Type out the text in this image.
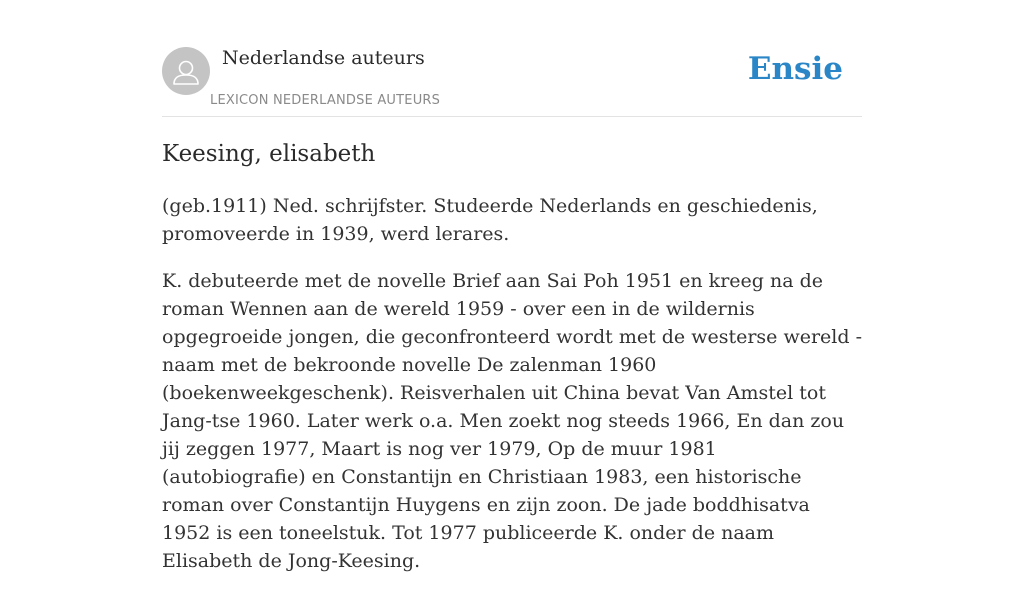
Nederlandse auteurs
LEXICON NEDERLANDSE AUTEURS
Ensie
Keesing, elisabeth

(geb.1911) Ned. schrijfster. Studeerde Nederlands en geschiedenis, promoveerde in 1939, werd lerares.

K. debuteerde met de novelle Brief aan Sai Poh 1951 en kreeg na de roman Wennen aan de wereld 1959 - over een in de wildernis opgegroeide jongen, die geconfronteerd wordt met de westerse wereld - naam met de bekroonde novelle De zalenman 1960 (boekenweekgeschenk). Reisverhalen uit China bevat Van Amstel tot Jang-tse 1960. Later werk o.a. Men zoekt nog steeds 1966, En dan zou jij zeggen 1977, Maart is nog ver 1979, Op de muur 1981 (autobiografie) en Constantijn en Christiaan 1983, een historische roman over Constantijn Huygens en zijn zoon. De jade boddhisatva 1952 is een toneelstuk. Tot 1977 publiceerde K. onder de naam Elisabeth de Jong-Keesing.
